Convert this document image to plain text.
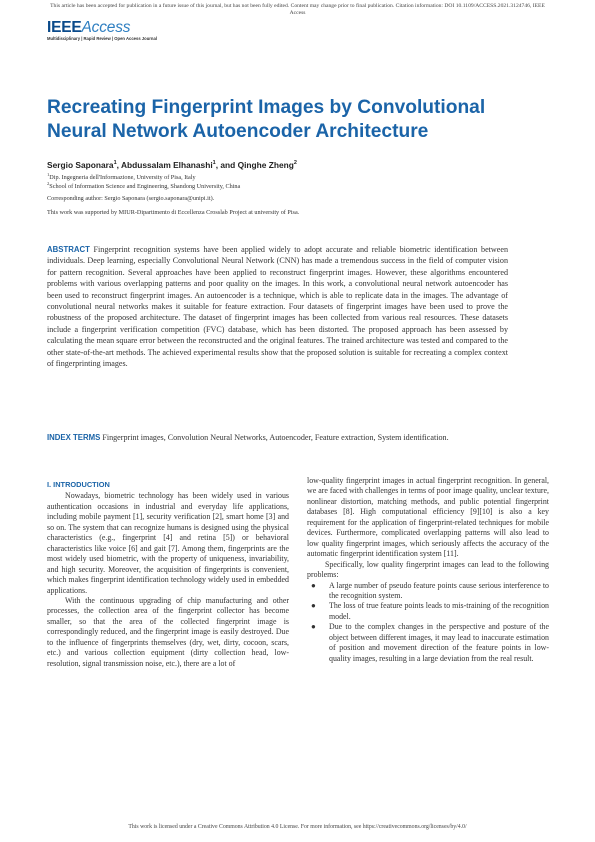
This article has been accepted for publication in a future issue of this journal, but has not been fully edited. Content may change prior to final publication. Citation information: DOI 10.1109/ACCESS.2021.3124746, IEEE
Access
IEEEAccess
Multidisciplinary | Rapid Review | Open Access Journal
Recreating Fingerprint Images by Convolutional Neural Network Autoencoder Architecture
Sergio Saponara$^1$, Abdussalam Elhanashi$^1$, and Qinghe Zheng$^2$
$^1$Dip. Ingegneria dell'Informazione, University of Pisa, Italy
$^2$School of Information Science and Engineering, Shandong University, China
Corresponding author: Sergio Saponara (sergio.saponara@unipi.it).
This work was supported by MIUR-Dipartimento di Eccellenza Crosslab Project at university of Pisa.
ABSTRACT Fingerprint recognition systems have been applied widely to adopt accurate and reliable biometric identification between individuals. Deep learning, especially Convolutional Neural Network (CNN) has made a tremendous success in the field of computer vision for pattern recognition. Several approaches have been applied to reconstruct fingerprint images. However, these algorithms encountered problems with various overlapping patterns and poor quality on the images. In this work, a convolutional neural network autoencoder has been used to reconstruct fingerprint images. An autoencoder is a technique, which is able to replicate data in the images. The advantage of convolutional neural networks makes it suitable for feature extraction. Four datasets of fingerprint images have been used to prove the robustness of the proposed architecture. The dataset of fingerprint images has been collected from various real resources. These datasets include a fingerprint verification competition (FVC) database, which has been distorted. The proposed approach has been assessed by calculating the mean square error between the reconstructed and the original features. The trained architecture was tested and compared to the other state-of-the-art methods. The achieved experimental results show that the proposed solution is suitable for recreating a complex context of fingerprinting images.
INDEX TERMS Fingerprint images, Convolution Neural Networks, Autoencoder, Feature extraction, System identification.
I. INTRODUCTION

Nowadays, biometric technology has been widely used in various authentication occasions in industrial and everyday life applications, including mobile payment [1], security verification [2], smart home [3] and so on. The system that can recognize humans is designed using the physical characteristics (e.g., fingerprint [4] and retina [5]) or behavioral characteristics like voice [6] and gait [7]. Among them, fingerprints are the most widely used biometric, with the property of uniqueness, invariability, and high security. Moreover, the acquisition of fingerprints is convenient, which makes fingerprint identification technology widely used in embedded applications.

With the continuous upgrading of chip manufacturing and other processes, the collection area of the fingerprint collector has become smaller, so that the area of the collected fingerprint image is correspondingly reduced, and the fingerprint image is easily destroyed. Due to the influence of fingerprints themselves (dry, wet, dirty, cocoon, scars, etc.) and various collection equipment (dirty collection head, low-resolution, signal transmission noise, etc.), there are a lot of

low-quality fingerprint images in actual fingerprint recognition. In general, we are faced with challenges in terms of poor image quality, unclear texture, nonlinear distortion, matching methods, and public potential fingerprint databases [8]. High computational efficiency [9][10] is also a key requirement for the application of fingerprint-related techniques for mobile devices. Furthermore, complicated overlapping patterns will also lead to low quality fingerprint images, which seriously affects the accuracy of the automatic fingerprint identification system [11].

Specifically, low quality fingerprint images can lead to the following problems:

● A large number of pseudo feature points cause serious interference to the recognition system.
● The loss of true feature points leads to mis-training of the recognition model.
● Due to the complex changes in the perspective and posture of the object between different images, it may lead to inaccurate estimation of position and movement direction of the feature points in low-quality images, resulting in a large deviation from the real result.
This work is licensed under a Creative Commons Attribution 4.0 License. For more information, see https://creativecommons.org/licenses/by/4.0/
